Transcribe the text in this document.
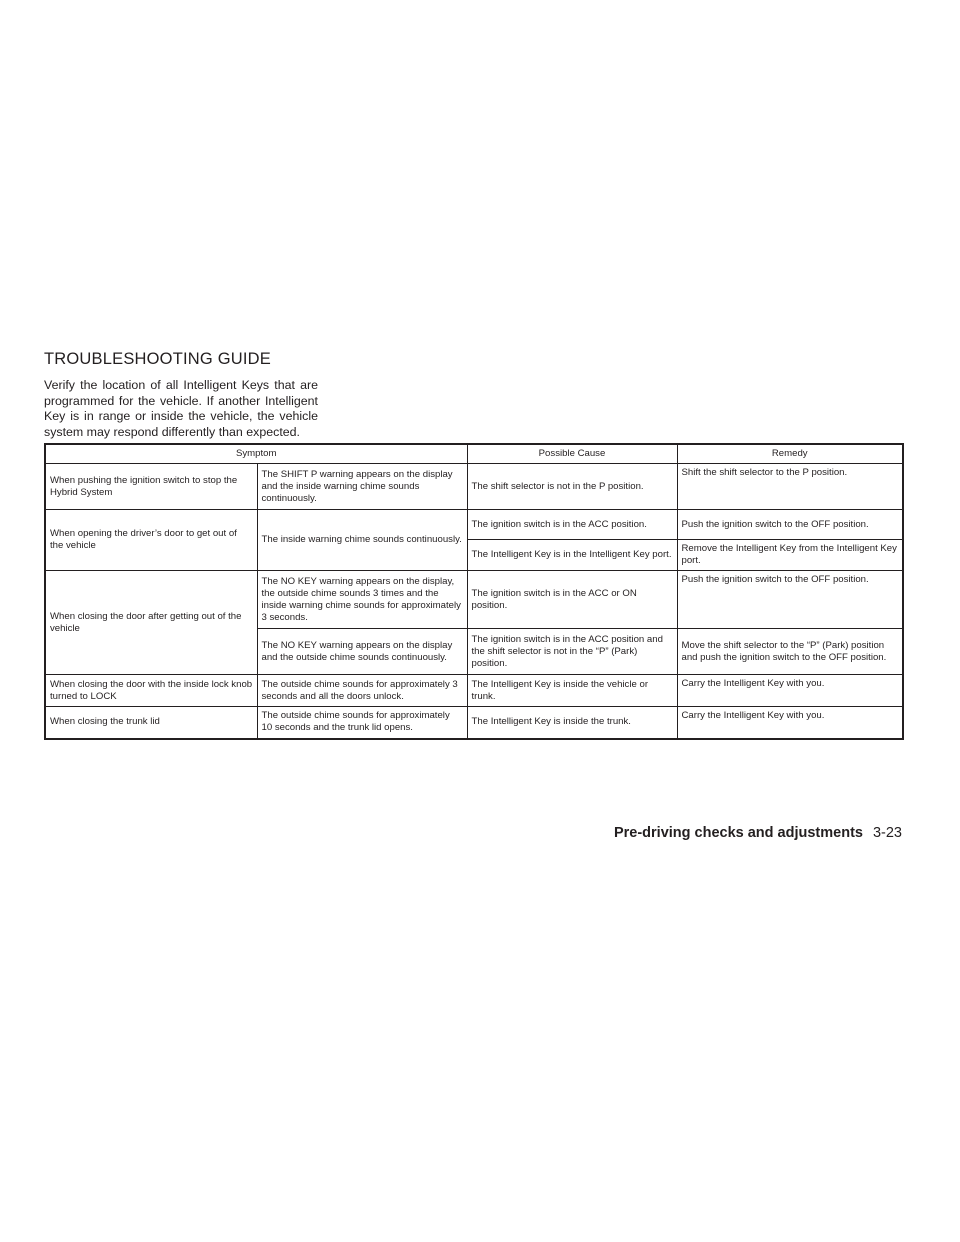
TROUBLESHOOTING GUIDE

Verify the location of all Intelligent Keys that are programmed for the vehicle. If another Intelligent Key is in range or inside the vehicle, the vehicle system may respond differently than expected.

Symptom		Possible Cause	Remedy
When pushing the ignition switch to stop the Hybrid System	The SHIFT P warning appears on the display and the inside warning chime sounds continuously.	The shift selector is not in the P position.	Shift the shift selector to the P position.
When opening the driver’s door to get out of the vehicle	The inside warning chime sounds continuously.	The ignition switch is in the ACC position.	Push the ignition switch to the OFF position.
		The Intelligent Key is in the Intelligent Key port.	Remove the Intelligent Key from the Intelligent Key port.
When closing the door after getting out of the vehicle	The NO KEY warning appears on the display, the outside chime sounds 3 times and the inside warning chime sounds for approximately 3 seconds.	The ignition switch is in the ACC or ON position.	Push the ignition switch to the OFF position.
	The NO KEY warning appears on the display and the outside chime sounds continuously.	The ignition switch is in the ACC position and the shift selector is not in the “P” (Park) position.	Move the shift selector to the “P” (Park) position and push the ignition switch to the OFF position.
When closing the door with the inside lock knob turned to LOCK	The outside chime sounds for approximately 3 seconds and all the doors unlock.	The Intelligent Key is inside the vehicle or trunk.	Carry the Intelligent Key with you.
When closing the trunk lid	The outside chime sounds for approximately 10 seconds and the trunk lid opens.	The Intelligent Key is inside the trunk.	Carry the Intelligent Key with you.
Pre-driving checks and adjustments 3-23
